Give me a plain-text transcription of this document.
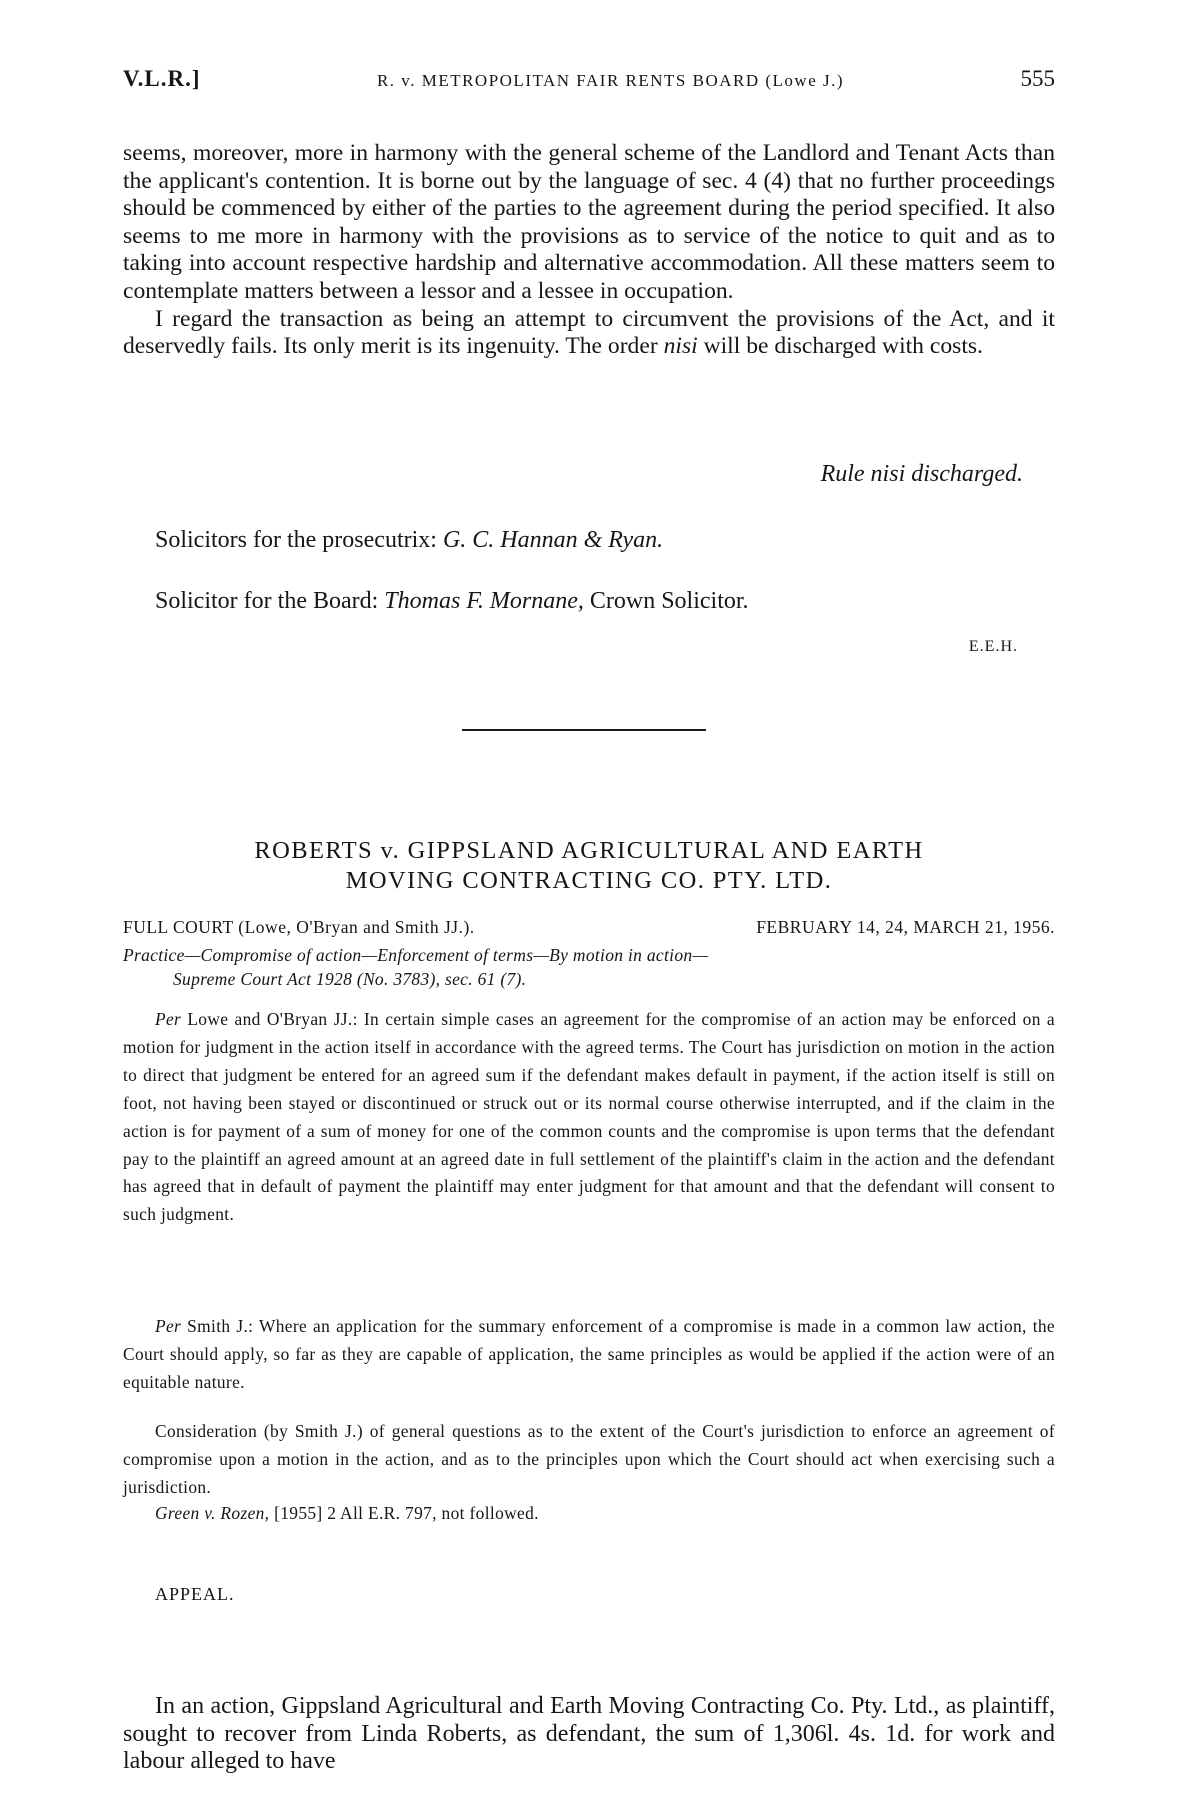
V.L.R.]	R. v. METROPOLITAN FAIR RENTS BOARD (Lowe J.)	555

seems, moreover, more in harmony with the general scheme of the Landlord and Tenant Acts than the applicant's contention. It is borne out by the language of sec. 4 (4) that no further proceedings should be commenced by either of the parties to the agreement during the period specified. It also seems to me more in harmony with the provisions as to service of the notice to quit and as to taking into account respective hardship and alternative accommodation. All these matters seem to contemplate matters between a lessor and a lessee in occupation.

I regard the transaction as being an attempt to circumvent the provisions of the Act, and it deservedly fails. Its only merit is its ingenuity. The order nisi will be discharged with costs.

Rule nisi discharged.
Solicitors for the prosecutrix: G. C. Hannan & Ryan.
Solicitor for the Board: Thomas F. Mornane, Crown Solicitor.
E.E.H.
ROBERTS v. GIPPSLAND AGRICULTURAL AND EARTH
MOVING CONTRACTING CO. PTY. LTD.
FULL COURT (Lowe, O'Bryan and Smith JJ.).	FEBRUARY 14, 24, MARCH 21, 1956.
Practice—Compromise of action—Enforcement of terms—By motion in action—
Supreme Court Act 1928 (No. 3783), sec. 61 (7).

Per Lowe and O'Bryan JJ.: In certain simple cases an agreement for the compromise of an action may be enforced on a motion for judgment in the action itself in accordance with the agreed terms. The Court has jurisdiction on motion in the action to direct that judgment be entered for an agreed sum if the defendant makes default in payment, if the action itself is still on foot, not having been stayed or discontinued or struck out or its normal course otherwise interrupted, and if the claim in the action is for payment of a sum of money for one of the common counts and the compromise is upon terms that the defendant pay to the plaintiff an agreed amount at an agreed date in full settlement of the plaintiff's claim in the action and the defendant has agreed that in default of payment the plaintiff may enter judgment for that amount and that the defendant will consent to such judgment.

Per Smith J.: Where an application for the summary enforcement of a compromise is made in a common law action, the Court should apply, so far as they are capable of application, the same principles as would be applied if the action were of an equitable nature.

Consideration (by Smith J.) of general questions as to the extent of the Court's jurisdiction to enforce an agreement of compromise upon a motion in the action, and as to the principles upon which the Court should act when exercising such a jurisdiction.

Green v. Rozen, [1955] 2 All E.R. 797, not followed.

APPEAL.

In an action, Gippsland Agricultural and Earth Moving Contracting Co. Pty. Ltd., as plaintiff, sought to recover from Linda Roberts, as defendant, the sum of 1,306l. 4s. 1d. for work and labour alleged to have
